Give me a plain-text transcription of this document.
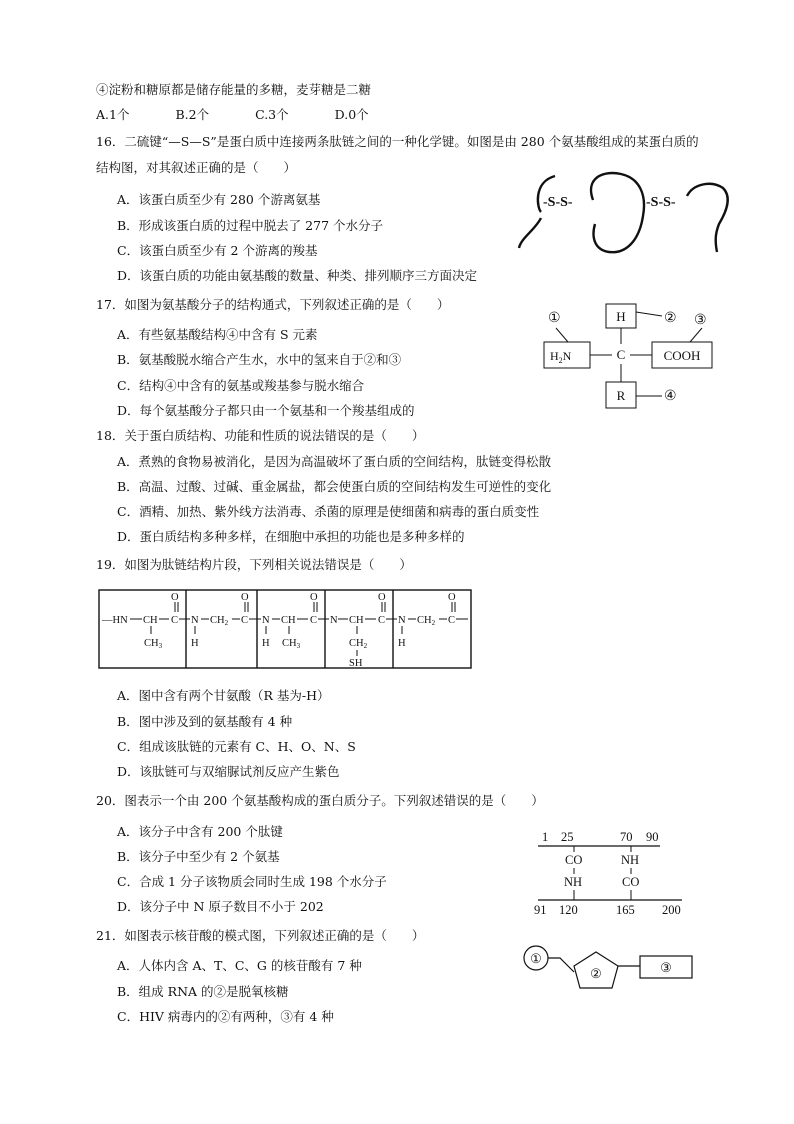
④淀粉和糖原都是储存能量的多糖，麦芽糖是二糖
A.1个	B.2个	C.3个	D.0个
16．二硫键“—S—S”是蛋白质中连接两条肽链之间的一种化学键。如图是由 280 个氨基酸组成的某蛋白质的
结构图，对其叙述正确的是（　　）
A．该蛋白质至少有 280 个游离氨基
B．形成该蛋白质的过程中脱去了 277 个水分子
C．该蛋白质至少有 2 个游离的羧基
D．该蛋白质的功能由氨基酸的数量、种类、排列顺序三方面决定
-S-S-	-S-S-
17．如图为氨基酸分子的结构通式，下列叙述正确的是（　　）
A．有些氨基酸结构④中含有 S 元素
B．氨基酸脱水缩合产生水，水中的氢来自于②和③
C．结构④中含有的氨基或羧基参与脱水缩合
D．每个氨基酸分子都只由一个氨基和一个羧基组成的
H
C
R
$H_2N$	COOH
①	② ③
④
18．关于蛋白质结构、功能和性质的说法错误的是（　　）
A．煮熟的食物易被消化，是因为高温破坏了蛋白质的空间结构，肽链变得松散
B．高温、过酸、过碱、重金属盐，都会使蛋白质的空间结构发生可逆性的变化
C．酒精、加热、紫外线方法消毒、杀菌的原理是使细菌和病毒的蛋白质变性
D．蛋白质结构多种多样，在细胞中承担的功能也是多种多样的
19．如图为肽链结构片段，下列相关说法错误是（　　）
—HN CH C
O
CH3
N
H
CH2 C
O
N
H
CH
CH3
C
O
N CH
CH2
SH
C
O
N
H
CH2 C
O
A．图中含有两个甘氨酸（R 基为-H）
B．图中涉及到的氨基酸有 4 种
C．组成该肽链的元素有 C、H、O、N、S
D．该肽链可与双缩脲试剂反应产生紫色
20．图表示一个由 200 个氨基酸构成的蛋白质分子。下列叙述错误的是（　　）
A．该分子中含有 200 个肽键
B．该分子中至少有 2 个氨基
C．合成 1 分子该物质会同时生成 198 个水分子
D．该分子中 N 原子数目不小于 202
1 25	70 90
CO
NH
NH
CO
91 120	165 200
21．如图表示核苷酸的模式图，下列叙述正确的是（　　）
A．人体内含 A、T、C、G 的核苷酸有 7 种
B．组成 RNA 的②是脱氧核糖
C．HIV 病毒内的②有两种，③有 4 种
①
②	③
